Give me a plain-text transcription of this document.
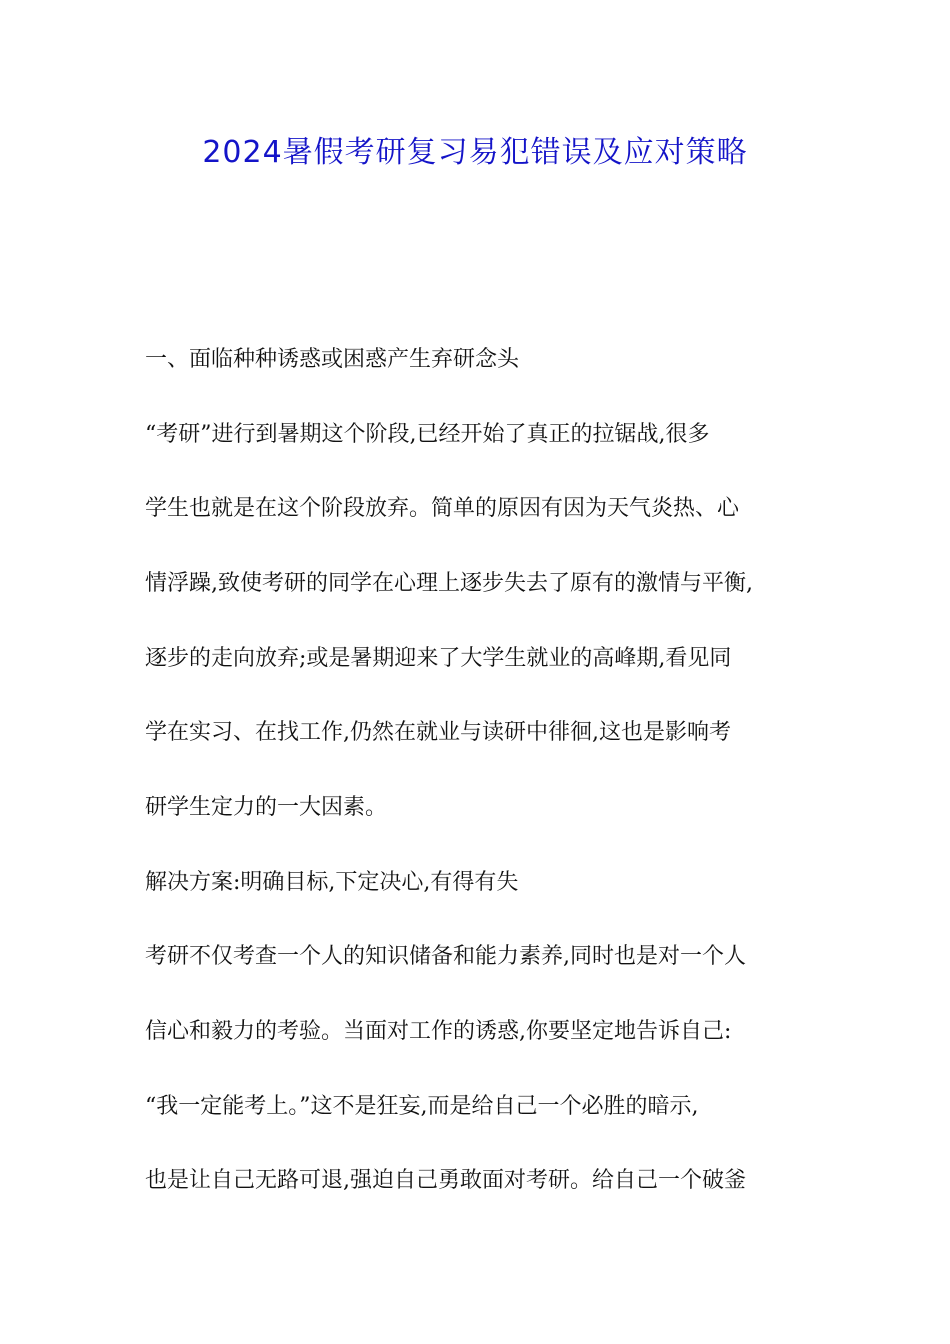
2024暑假考研复习易犯错误及应对策略

一、面临种种诱惑或困惑产生弃研念头

“考研”进行到暑期这个阶段,已经开始了真正的拉锯战,很多

学生也就是在这个阶段放弃。简单的原因有因为天气炎热、心

情浮躁,致使考研的同学在心理上逐步失去了原有的激情与平衡,

逐步的走向放弃;或是暑期迎来了大学生就业的高峰期,看见同

学在实习、在找工作,仍然在就业与读研中徘徊,这也是影响考

研学生定力的一大因素。

解决方案:明确目标,下定决心,有得有失

考研不仅考查一个人的知识储备和能力素养,同时也是对一个人

信心和毅力的考验。当面对工作的诱惑,你要坚定地告诉自己:

“我一定能考上。”这不是狂妄,而是给自己一个必胜的暗示,

也是让自己无路可退,强迫自己勇敢面对考研。给自己一个破釜
